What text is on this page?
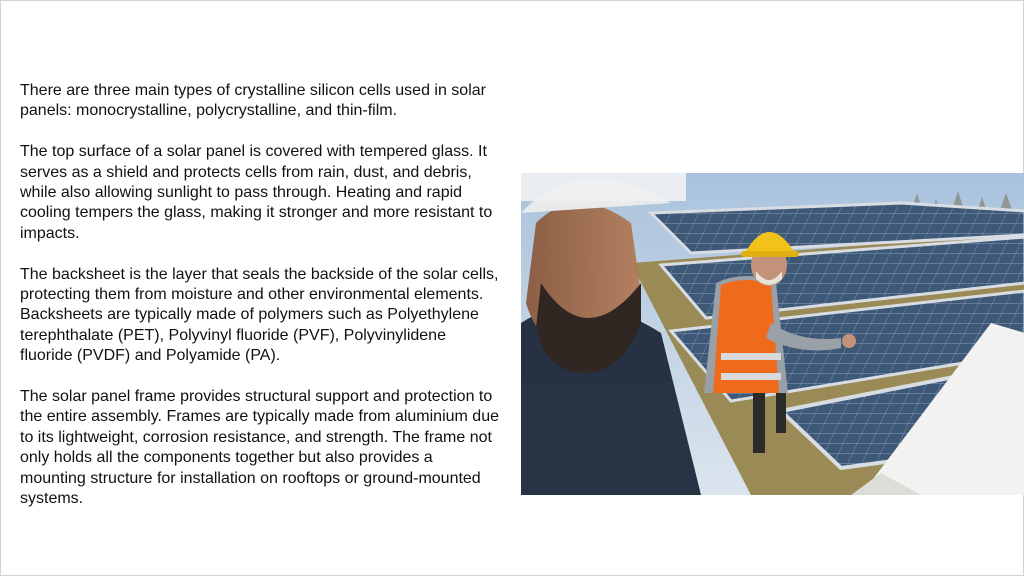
There are three main types of crystalline silicon cells used in solar panels: monocrystalline, polycrystalline, and thin-film.

The top surface of a solar panel is covered with tempered glass. It serves as a shield and protects cells from rain, dust, and debris, while also allowing sunlight to pass through. Heating and rapid cooling tempers the glass, making it stronger and more resistant to impacts.

The backsheet is the layer that seals the backside of the solar cells, protecting them from moisture and other environmental elements. Backsheets are typically made of polymers such as Polyethylene terephthalate (PET), Polyvinyl fluoride (PVF), Polyvinylidene fluoride (PVDF) and Polyamide (PA).

The solar panel frame provides structural support and protection to the entire assembly. Frames are typically made from aluminium due to its lightweight, corrosion resistance, and strength. The frame not only holds all the components together but also provides a mounting structure for installation on rooftops or ground-mounted systems.
